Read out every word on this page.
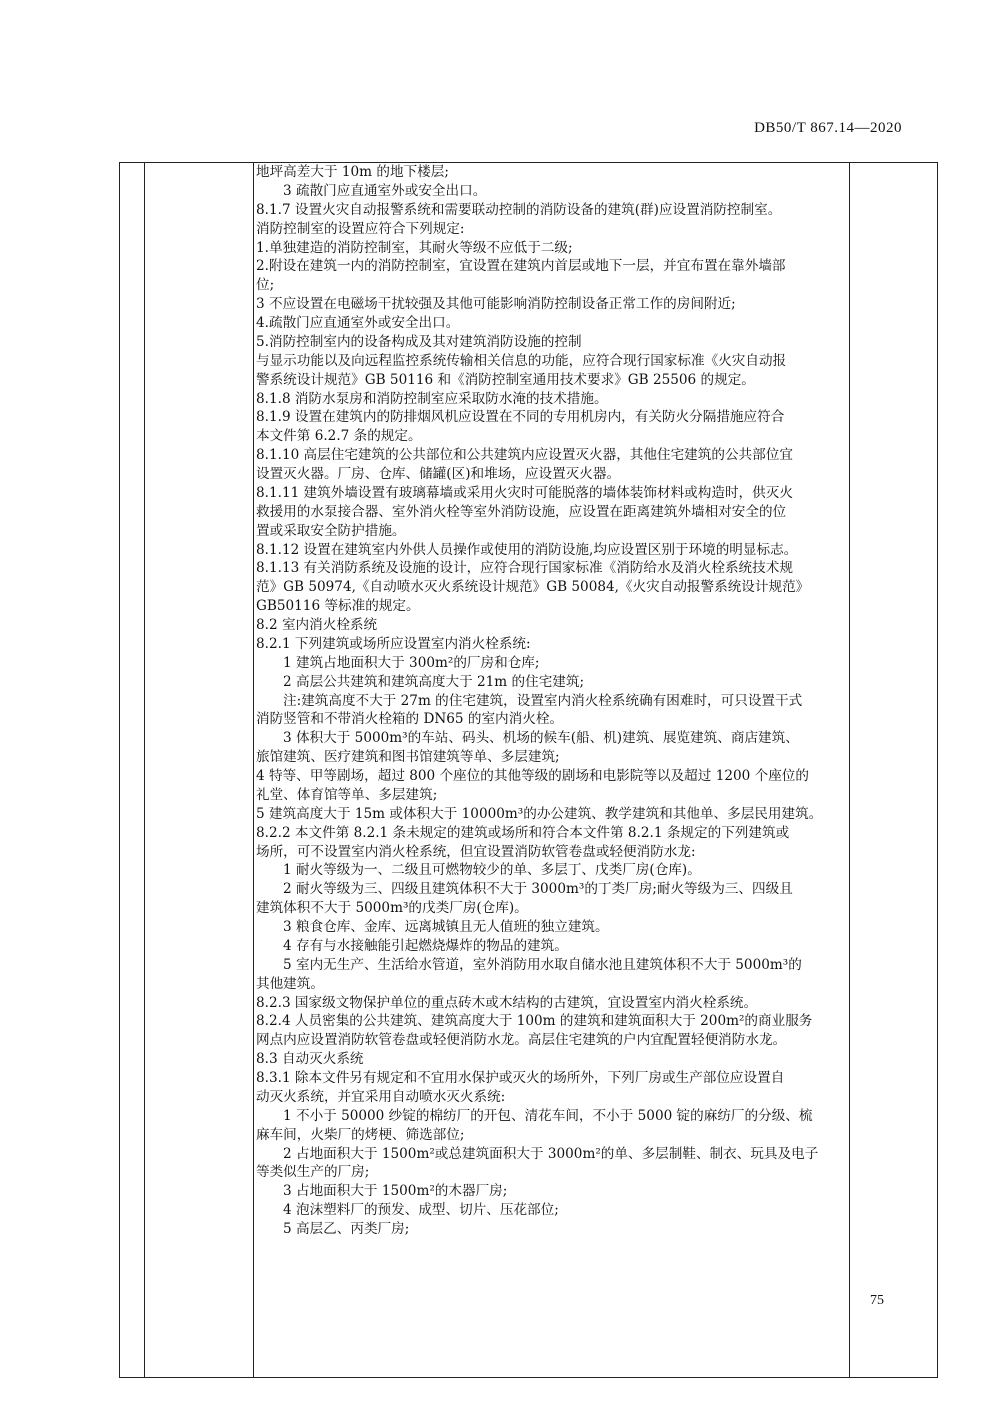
DB50/T 867.14—2020
地坪高差大于 10m 的地下楼层;
3 疏散门应直通室外或安全出口。
8.1.7 设置火灾自动报警系统和需要联动控制的消防设备的建筑(群)应设置消防控制室。
消防控制室的设置应符合下列规定:
1.单独建造的消防控制室，其耐火等级不应低于二级;
2.附设在建筑一内的消防控制室，宜设置在建筑内首层或地下一层，并宜布置在靠外墙部
位;
3 不应设置在电磁场干扰较强及其他可能影响消防控制设备正常工作的房间附近;
4.疏散门应直通室外或安全出口。
5.消防控制室内的设备构成及其对建筑消防设施的控制
与显示功能以及向远程监控系统传输相关信息的功能，应符合现行国家标准《火灾自动报
警系统设计规范》GB 50116 和《消防控制室通用技术要求》GB 25506 的规定。
8.1.8 消防水泵房和消防控制室应采取防水淹的技术措施。
8.1.9 设置在建筑内的防排烟风机应设置在不同的专用机房内，有关防火分隔措施应符合
本文件第 6.2.7 条的规定。
8.1.10 高层住宅建筑的公共部位和公共建筑内应设置灭火器，其他住宅建筑的公共部位宜
设置灭火器。厂房、仓库、储罐(区)和堆场，应设置灭火器。
8.1.11 建筑外墙设置有玻璃幕墙或采用火灾时可能脱落的墙体装饰材料或构造时，供灭火
救援用的水泵接合器、室外消火栓等室外消防设施，应设置在距离建筑外墙相对安全的位
置或采取安全防护措施。
8.1.12 设置在建筑室内外供人员操作或使用的消防设施,均应设置区别于环境的明显标志。
8.1.13 有关消防系统及设施的设计，应符合现行国家标准《消防给水及消火栓系统技术规
范》GB 50974,《自动喷水灭火系统设计规范》GB 50084,《火灾自动报警系统设计规范》
GB50116 等标准的规定。
8.2 室内消火栓系统
8.2.1 下列建筑或场所应设置室内消火栓系统:
1 建筑占地面积大于 300m²的厂房和仓库;
2 高层公共建筑和建筑高度大于 21m 的住宅建筑;
注:建筑高度不大于 27m 的住宅建筑，设置室内消火栓系统确有困难时，可只设置干式
消防竖管和不带消火栓箱的 DN65 的室内消火栓。
3 体积大于 5000m³的车站、码头、机场的候车(船、机)建筑、展览建筑、商店建筑、
旅馆建筑、医疗建筑和图书馆建筑等单、多层建筑;
4 特等、甲等剧场，超过 800 个座位的其他等级的剧场和电影院等以及超过 1200 个座位的
礼堂、体育馆等单、多层建筑;
5 建筑高度大于 15m 或体积大于 10000m³的办公建筑、教学建筑和其他单、多层民用建筑。
8.2.2 本文件第 8.2.1 条未规定的建筑或场所和符合本文件第 8.2.1 条规定的下列建筑或
场所，可不设置室内消火栓系统，但宜设置消防软管卷盘或轻便消防水龙:
1 耐火等级为一、二级且可燃物较少的单、多层丁、戊类厂房(仓库)。
2 耐火等级为三、四级且建筑体积不大于 3000m³的丁类厂房;耐火等级为三、四级且
建筑体积不大于 5000m³的戊类厂房(仓库)。
3 粮食仓库、金库、远离城镇且无人值班的独立建筑。
4 存有与水接触能引起燃烧爆炸的物品的建筑。
5 室内无生产、生活给水管道，室外消防用水取自储水池且建筑体积不大于 5000m³的
其他建筑。
8.2.3 国家级文物保护单位的重点砖木或木结构的古建筑，宜设置室内消火栓系统。
8.2.4 人员密集的公共建筑、建筑高度大于 100m 的建筑和建筑面积大于 200m²的商业服务
网点内应设置消防软管卷盘或轻便消防水龙。高层住宅建筑的户内宜配置轻便消防水龙。
8.3 自动灭火系统
8.3.1 除本文件另有规定和不宜用水保护或灭火的场所外，下列厂房或生产部位应设置自
动灭火系统，并宜采用自动喷水灭火系统:
1 不小于 50000 纱锭的棉纺厂的开包、清花车间，不小于 5000 锭的麻纺厂的分级、梳
麻车间，火柴厂的烤梗、筛选部位;
2 占地面积大于 1500m²或总建筑面积大于 3000m²的单、多层制鞋、制衣、玩具及电子
等类似生产的厂房;
3 占地面积大于 1500m²的木器厂房;
4 泡沫塑料厂的预发、成型、切片、压花部位;
5 高层乙、丙类厂房;
75
